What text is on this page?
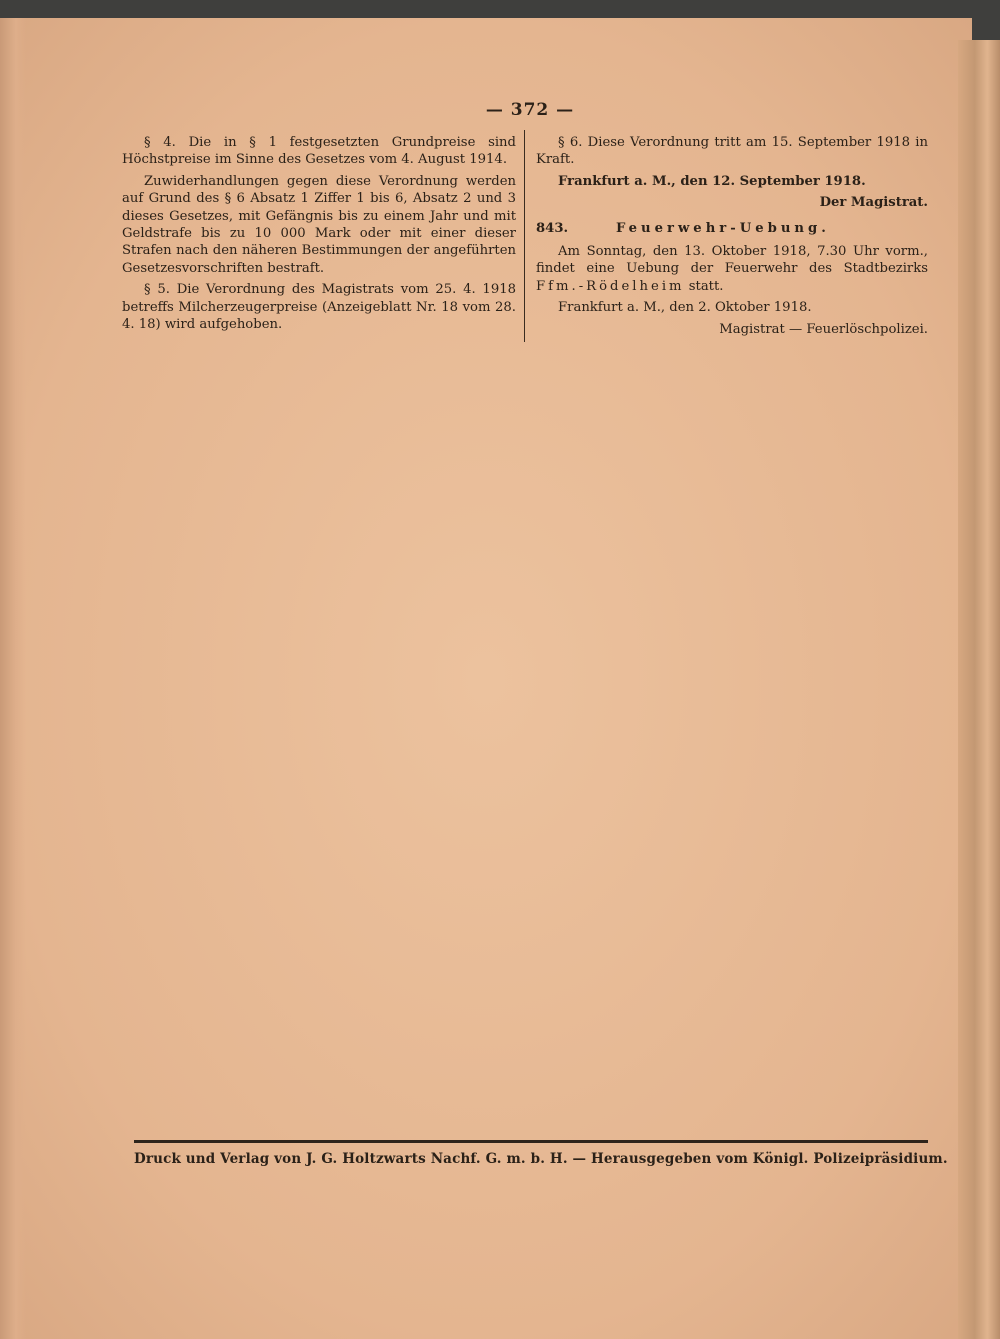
— 372 —

§ 4. Die in § 1 festgesetzten Grundpreise sind Höchstpreise im Sinne des Gesetzes vom 4. August 1914.

Zuwiderhandlungen gegen diese Verordnung werden auf Grund des § 6 Absatz 1 Ziffer 1 bis 6, Absatz 2 und 3 dieses Gesetzes, mit Gefängnis bis zu einem Jahr und mit Geldstrafe bis zu 10 000 Mark oder mit einer dieser Strafen nach den näheren Bestimmungen der angeführten Gesetzesvorschriften bestraft.

§ 5. Die Verordnung des Magistrats vom 25. 4. 1918 betreffs Milcherzeugerpreise (Anzeigeblatt Nr. 18 vom 28. 4. 18) wird aufgehoben.

§ 6. Diese Verordnung tritt am 15. September 1918 in Kraft.

Frankfurt a. M., den 12. September 1918.

Der Magistrat.

843.	Feuerwehr-Uebung.

Am Sonntag, den 13. Oktober 1918, 7.30 Uhr vorm., findet eine Uebung der Feuerwehr des Stadtbezirks Ffm.-Rödelheim statt.

Frankfurt a. M., den 2. Oktober 1918.

Magistrat — Feuerlöschpolizei.

Druck und Verlag von J. G. Holtzwarts Nachf. G. m. b. H. — Herausgegeben vom Königl. Polizeipräsidium.
